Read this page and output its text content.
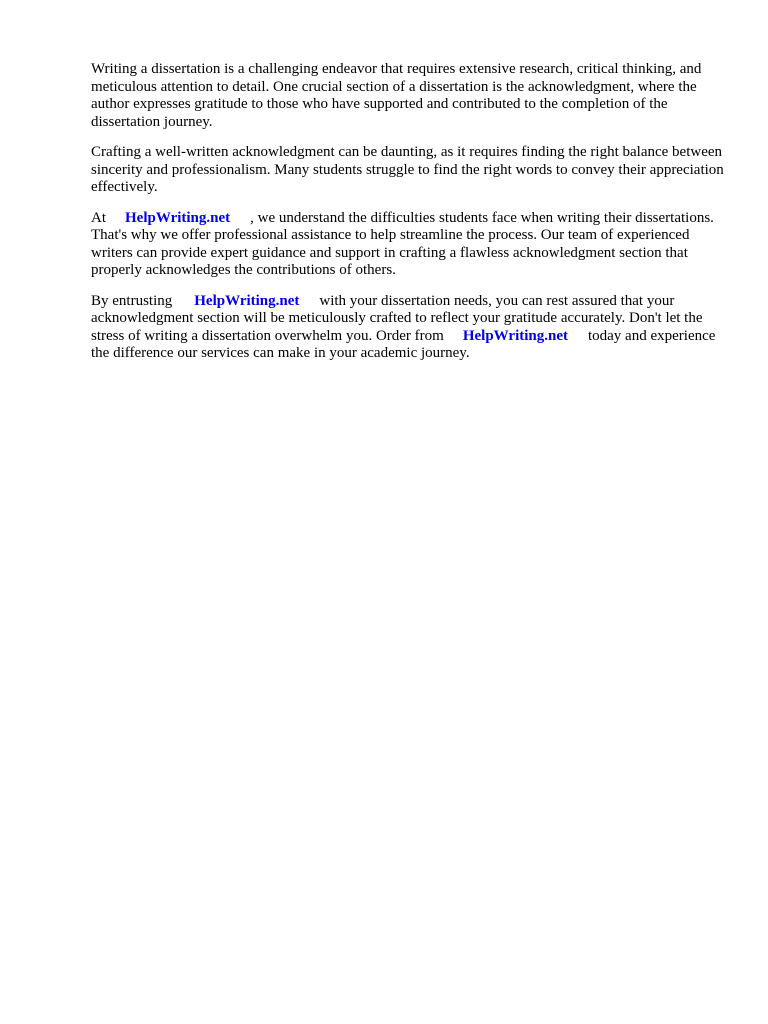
Writing a dissertation is a challenging endeavor that requires extensive research, critical thinking, and meticulous attention to detail. One crucial section of a dissertation is the acknowledgment, where the author expresses gratitude to those who have supported and contributed to the completion of the dissertation journey.

Crafting a well-written acknowledgment can be daunting, as it requires finding the right balance between sincerity and professionalism. Many students struggle to find the right words to convey their appreciation effectively.

At HelpWriting.net , we understand the difficulties students face when writing their dissertations. That's why we offer professional assistance to help streamline the process. Our team of experienced writers can provide expert guidance and support in crafting a flawless acknowledgment section that properly acknowledges the contributions of others.

By entrusting HelpWriting.net with your dissertation needs, you can rest assured that your acknowledgment section will be meticulously crafted to reflect your gratitude accurately. Don't let the stress of writing a dissertation overwhelm you. Order from HelpWriting.net today and experience the difference our services can make in your academic journey.
